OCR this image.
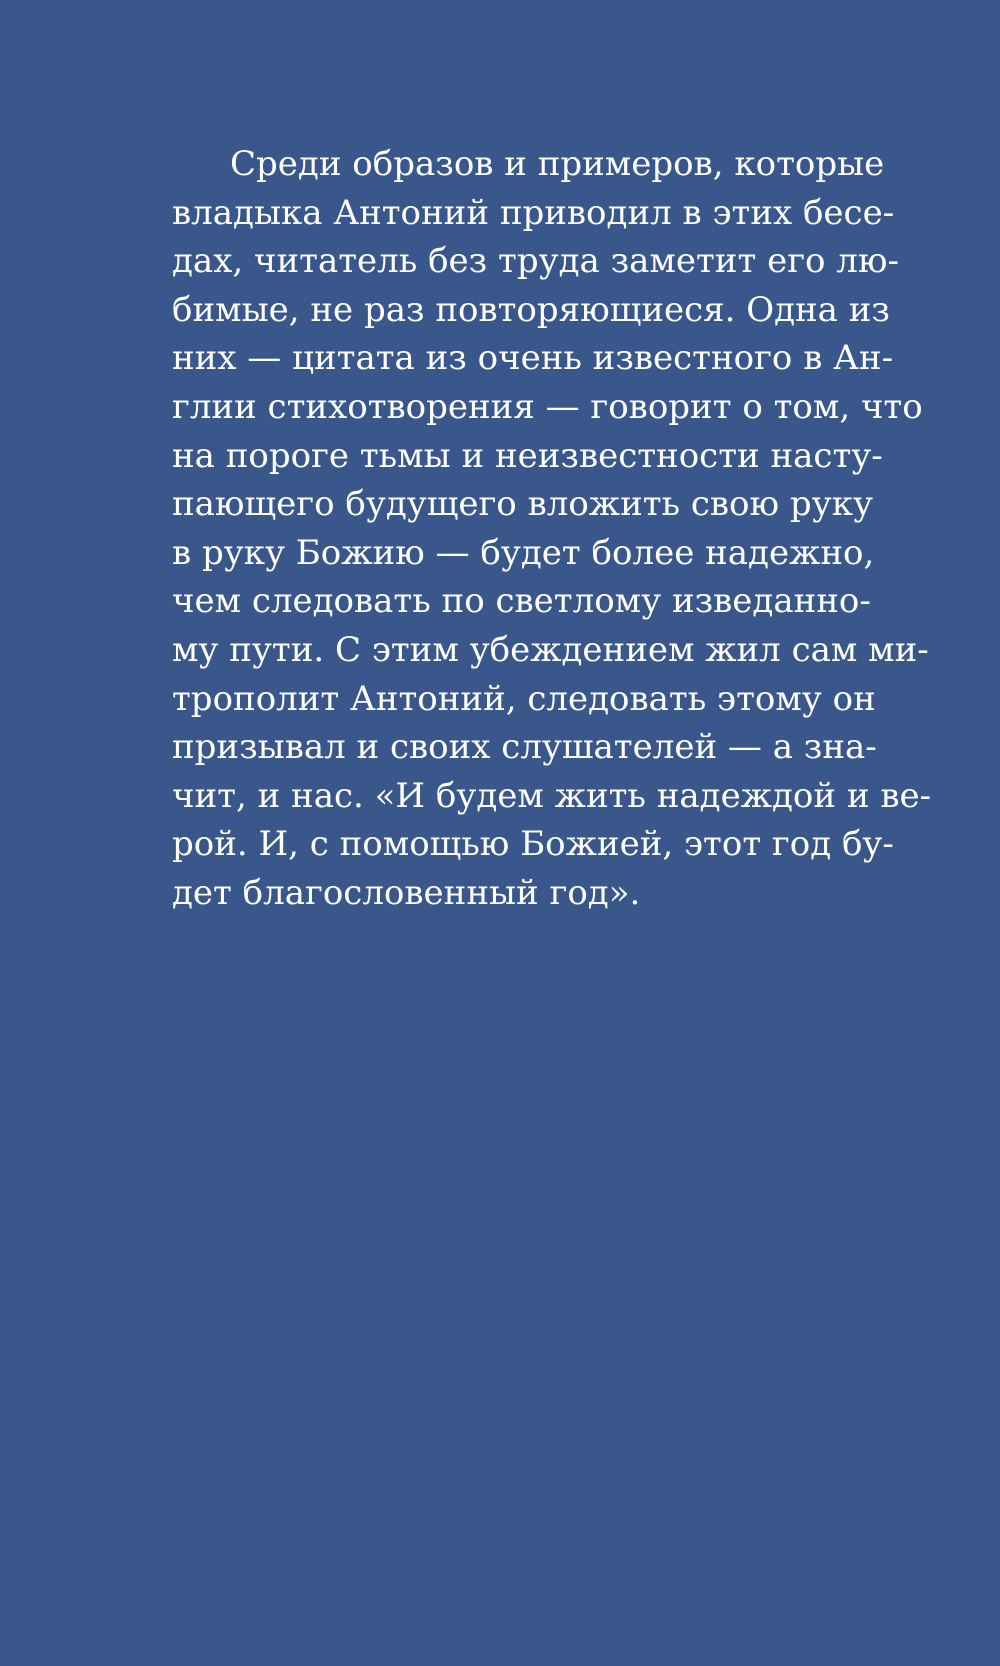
Среди образов и примеров, которые
владыка Антоний приводил в этих бесе-
дах, читатель без труда заметит его лю-
бимые, не раз повторяющиеся. Одна из
них — цитата из очень известного в Ан-
глии стихотворения — говорит о том, что
на пороге тьмы и неизвестности насту-
пающего будущего вложить свою руку
в руку Божию — будет более надежно,
чем следовать по светлому изведанно-
му пути. С этим убеждением жил сам ми-
трополит Антоний, следовать этому он
призывал и своих слушателей — а зна-
чит, и нас. «И будем жить надеждой и ве-
рой. И, с помощью Божией, этот год бу-
дет благословенный год».
